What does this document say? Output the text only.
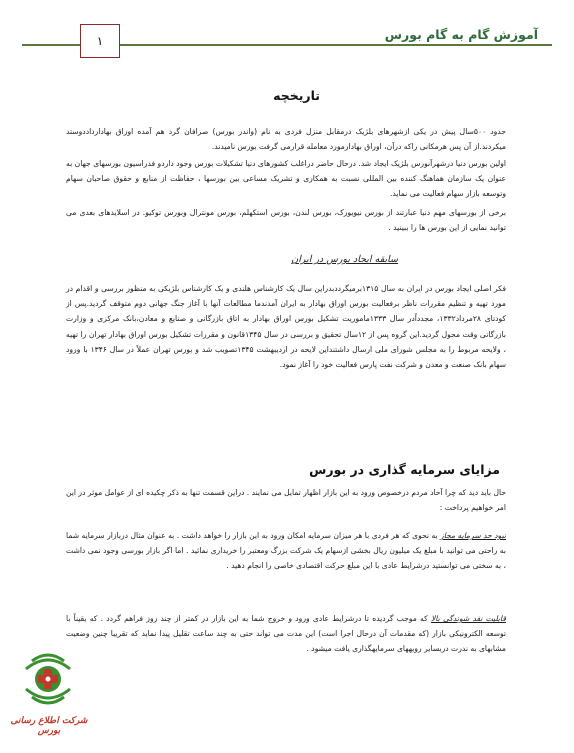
آموزش گام به گام بورس
۱
تاریخچه
حدود ۵۰۰سال پیش در یکی ازشهرهای بلژیک درمقابل منزل فردی به نام (واندر بورس) صرافان گرد هم آمده اوراق بهادارداددوستد میکردند.از آن پس هرمکانی راکه درآن، اوراق بهادارمورد معامله قرارمی گرفت بورس نامیدند.
اولین بورس دنیا درشهرآنورس بلژیک ایجاد شد. درحال حاضر دراغلب کشورهای دنیا تشکیلات بورس وجود داردو فدراسیون بورسهای جهان به عنوان یک سازمان هماهنگ کننده بین المللی نسبت به همکاری و تشریک مساعی بین بورسها ، حفاظت از منابع و حقوق صاحبان سهام وتوسعه بازار سهام فعالیت می نماید.
برخی از بورسهای مهم دنیا عبارتند از بورس نیویورک، بورس لندن، بورس استکهلم، بورس مونترال وبورس توکیو. در اسلایدهای بعدی می توانید نمایی از این بورس ها را ببینید .
سابقه ایجاد بورس در ایران
فکر اصلی ایجاد بورس در ایران به سال ۱۳۱۵برمیگرددبدراین سال یک کارشناس هلندی و یک کارشناس بلژیکی به منظور بررسی و اقدام در مورد تهیه و تنظیم مقررات ناظر برفعالیت بورس اوراق بهادار به ایران آمدندما مطالعات آنها با آغاز جنگ جهانی دوم متوقف گردید.پس از کودتای ۲۸مرداد۱۳۳۲، مجدداًدر سال ۱۳۳۳ماموریت تشکیل بورس اوراق بهادار به اتاق بازرگانی و صنایع و معادن،بانک مرکزی و وزارت بازرگانی وقت محول گردید.این گروه پس از ۱۲سال تحقیق و بررسی در سال ۱۳۴۵قانون و مقررات تشکیل بورس اوراق بهادار تهران را تهیه ، ولایحه مربوط را به مجلس شورای ملی ارسال داشتنداین لایحه در اردیبهشت ۱۳۴۵تصویب شد و بورس تهران عملاً در سال ۱۳۴۶ با ورود سهام بانک صنعت و معدن و شرکت نفت پارس فعالیت خود را آغاز نمود.
مزایای سرمایه گذاری در بورس
حال باید دید که چرا آحاد مردم درخصوص ورود به این بازار اظهار تمایل می نمایند . دراین قسمت تنها به ذکر چکیده ای از عوامل موثر در این امر خواهیم پرداخت :
نبود حد سرمایه مجاز به نحوی که هر فردی با هر میزان سرمایه امکان ورود به این بازار را خواهد داشت . به عنوان مثال دربازار سرمایه شما به راحتی می توانید با مبلغ یک میلیون ریال بخشی ازسهام یک شرکت بزرگ ومعتبر را خریداری نمائید . اما اگر بازار بورسی وجود نمی داشت ، به سختی می توانستید درشرایط عادی با این مبلغ حرکت اقتصادی خاصی را انجام دهید .
قابلیت نقد شوندگی بالا که موجب گردیده تا درشرایط عادی ورود و خروج شما به این بازار در کمتر از چند روز فراهم گردد . که یقیناً با توسعه الکترونیکی بازار (که مقدمات آن درحال اجرا است) این مدت می تواند حتی به چند ساعت تقلیل پیدا نماید که تقریبا چنین وضعیت مشابهای به ندرت دربسایر رویههای سرمایهگذاری یافت میشود .
شرکت اطلاع رسانی بورس
